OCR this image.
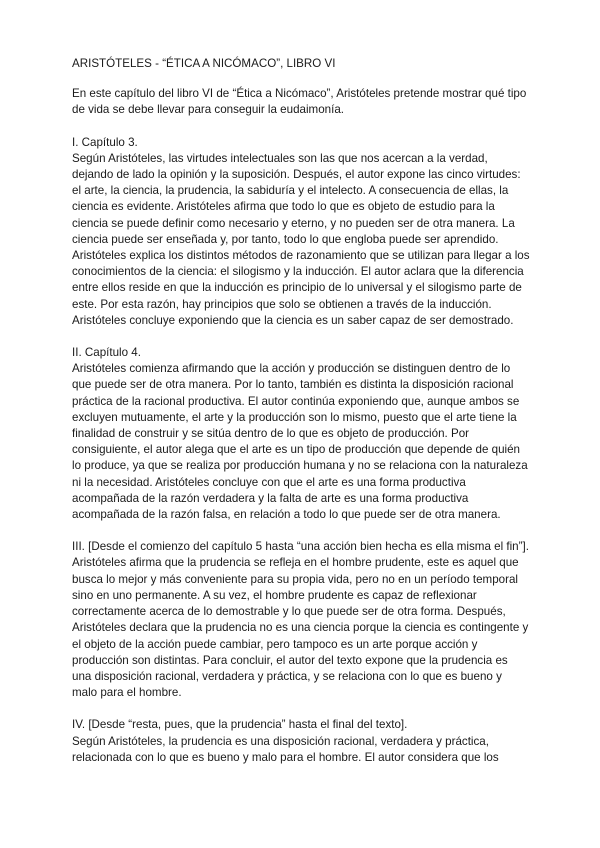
ARISTÓTELES - “ÉTICA A NICÓMACO”, LIBRO VI

En este capítulo del libro VI de “Ética a Nicómaco”, Aristóteles pretende mostrar qué tipo de vida se debe llevar para conseguir la eudaimonía.

I. Capítulo 3.
Según Aristóteles, las virtudes intelectuales son las que nos acercan a la verdad, dejando de lado la opinión y la suposición. Después, el autor expone las cinco virtudes: el arte, la ciencia, la prudencia, la sabiduría y el intelecto. A consecuencia de ellas, la ciencia es evidente. Aristóteles afirma que todo lo que es objeto de estudio para la ciencia se puede definir como necesario y eterno, y no pueden ser de otra manera. La ciencia puede ser enseñada y, por tanto, todo lo que engloba puede ser aprendido. Aristóteles explica los distintos métodos de razonamiento que se utilizan para llegar a los conocimientos de la ciencia: el silogismo y la inducción. El autor aclara que la diferencia entre ellos reside en que la inducción es principio de lo universal y el silogismo parte de este. Por esta razón, hay principios que solo se obtienen a través de la inducción. Aristóteles concluye exponiendo que la ciencia es un saber capaz de ser demostrado.
II. Capítulo 4.
Aristóteles comienza afirmando que la acción y producción se distinguen dentro de lo que puede ser de otra manera. Por lo tanto, también es distinta la disposición racional práctica de la racional productiva. El autor continúa exponiendo que, aunque ambos se excluyen mutuamente, el arte y la producción son lo mismo, puesto que el arte tiene la finalidad de construir y se sitúa dentro de lo que es objeto de producción. Por consiguiente, el autor alega que el arte es un tipo de producción que depende de quién lo produce, ya que se realiza por producción humana y no se relaciona con la naturaleza ni la necesidad. Aristóteles concluye con que el arte es una forma productiva acompañada de la razón verdadera y la falta de arte es una forma productiva acompañada de la razón falsa, en relación a todo lo que puede ser de otra manera.
III. [Desde el comienzo del capítulo 5 hasta “una acción bien hecha es ella misma el fin”].
Aristóteles afirma que la prudencia se refleja en el hombre prudente, este es aquel que busca lo mejor y más conveniente para su propia vida, pero no en un período temporal sino en uno permanente. A su vez, el hombre prudente es capaz de reflexionar correctamente acerca de lo demostrable y lo que puede ser de otra forma. Después, Aristóteles declara que la prudencia no es una ciencia porque la ciencia es contingente y el objeto de la acción puede cambiar, pero tampoco es un arte porque acción y producción son distintas. Para concluir, el autor del texto expone que la prudencia es una disposición racional, verdadera y práctica, y se relaciona con lo que es bueno y malo para el hombre.
IV. [Desde “resta, pues, que la prudencia” hasta el final del texto].
Según Aristóteles, la prudencia es una disposición racional, verdadera y práctica, relacionada con lo que es bueno y malo para el hombre. El autor considera que los
